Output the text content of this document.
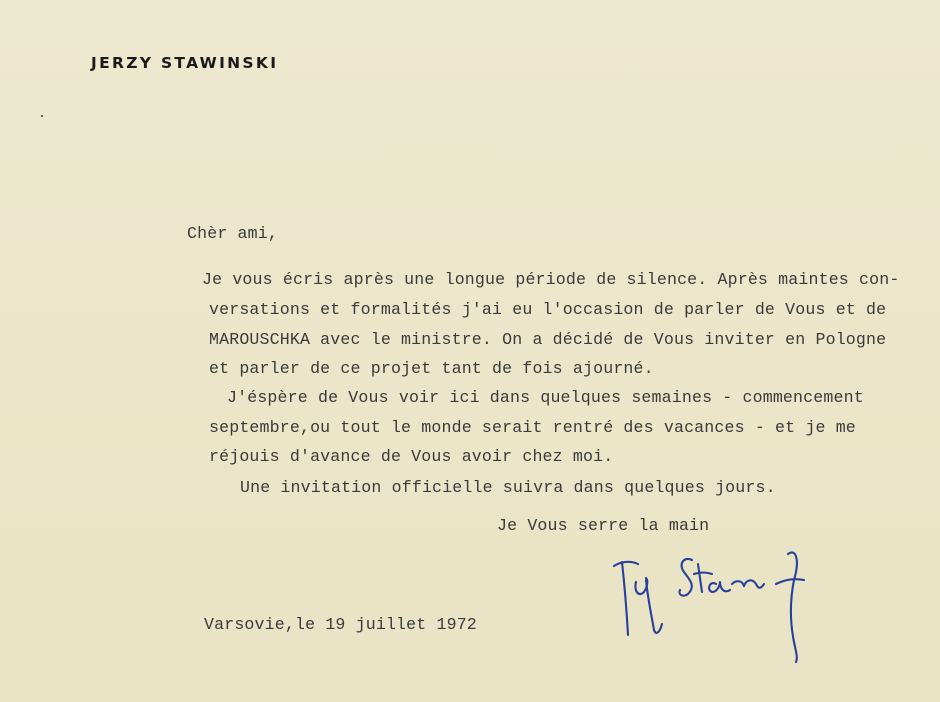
JERZY STAWINSKI
Chèr ami,
Je vous écris après une longue période de silence. Après maintes con-
versations et formalités j'ai eu l'occasion de parler de Vous et de
MAROUSCHKA avec le ministre. On a décidé de Vous inviter en Pologne
et parler de ce projet tant de fois ajourné.
J'éspère de Vous voir ici dans quelques semaines - commencement
septembre,ou tout le monde serait rentré des vacances - et je me
réjouis d'avance de Vous avoir chez moi.
Une invitation officielle suivra dans quelques jours.
Je Vous serre la main
Varsovie,le 19 juillet 1972
